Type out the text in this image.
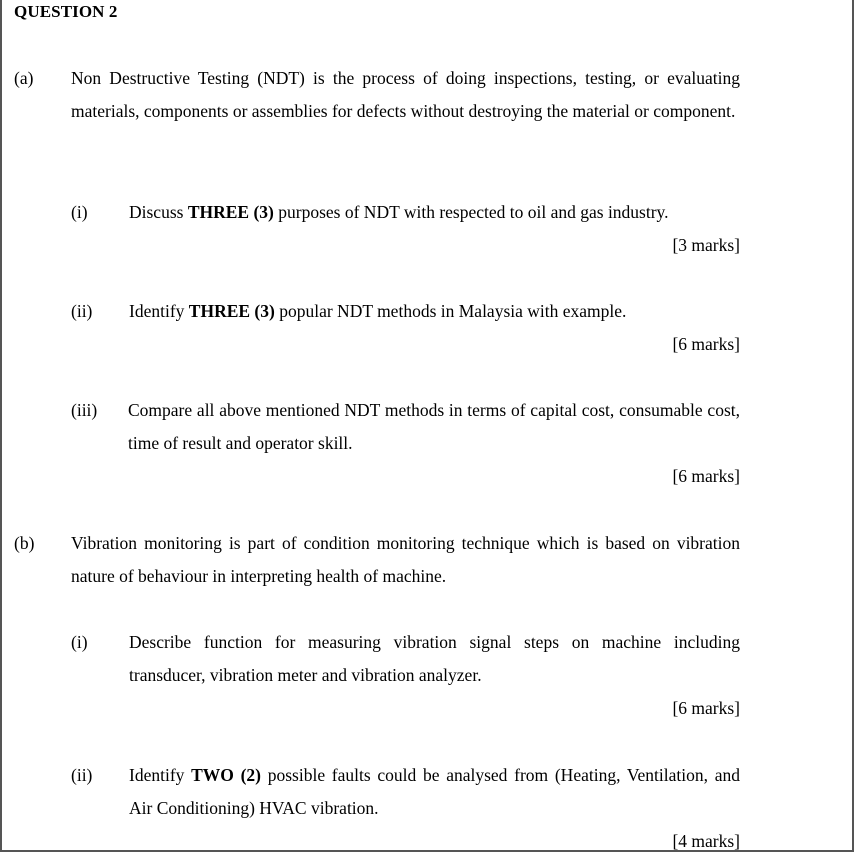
QUESTION 2
(a) Non Destructive Testing (NDT) is the process of doing inspections, testing, or evaluating materials, components or assemblies for defects without destroying the material or component.
(i) Discuss THREE (3) purposes of NDT with respected to oil and gas industry.
[3 marks]
(ii) Identify THREE (3) popular NDT methods in Malaysia with example.
[6 marks]
(iii) Compare all above mentioned NDT methods in terms of capital cost, consumable cost, time of result and operator skill.
[6 marks]
(b) Vibration monitoring is part of condition monitoring technique which is based on vibration nature of behaviour in interpreting health of machine.
(i) Describe function for measuring vibration signal steps on machine including transducer, vibration meter and vibration analyzer.
[6 marks]
(ii) Identify TWO (2) possible faults could be analysed from (Heating, Ventilation, and Air Conditioning) HVAC vibration.
[4 marks]
